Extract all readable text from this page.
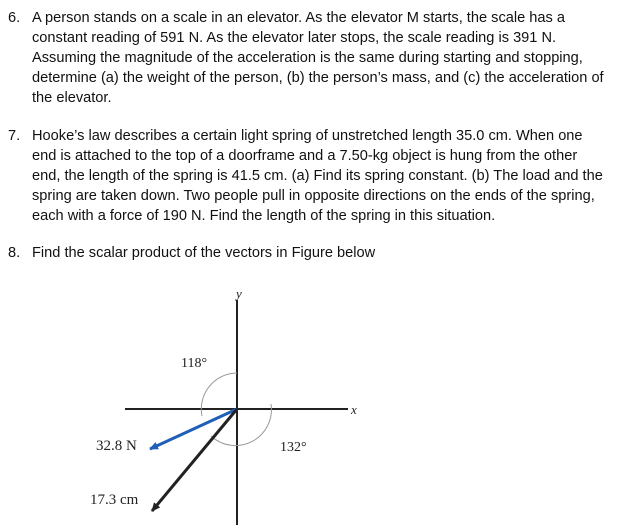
6. A person stands on a scale in an elevator. As the elevator M starts, the scale has a constant reading of 591 N. As the elevator later stops, the scale reading is 391 N. Assuming the magnitude of the acceleration is the same during starting and stopping, determine (a) the weight of the person, (b) the person’s mass, and (c) the acceleration of the elevator.
7. Hooke’s law describes a certain light spring of unstretched length 35.0 cm. When one end is attached to the top of a doorframe and a 7.50-kg object is hung from the other end, the length of the spring is 41.5 cm. (a) Find its spring constant. (b) The load and the spring are taken down. Two people pull in opposite directions on the ends of the spring, each with a force of 190 N. Find the length of the spring in this situation.
8. Find the scalar product of the vectors in Figure below
y
x
118°
132°
32.8 N
17.3 cm
